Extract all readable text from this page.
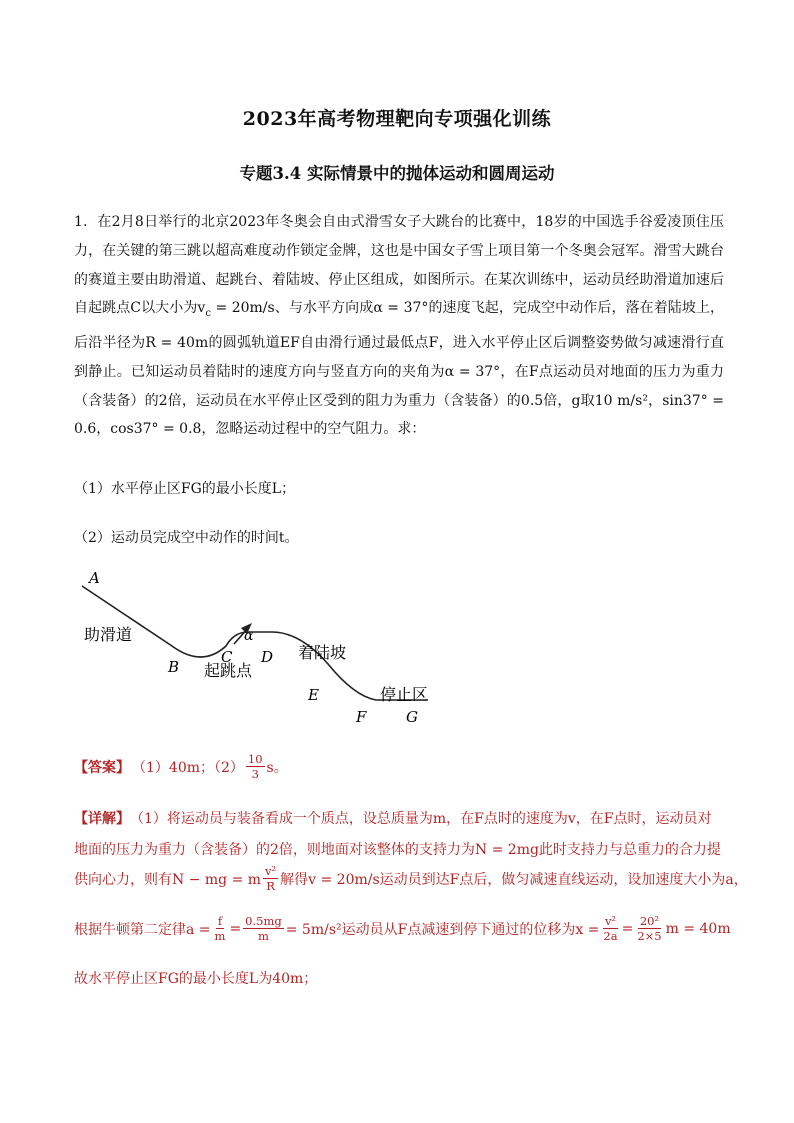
2023年高考物理靶向专项强化训练
专题3.4 实际情景中的抛体运动和圆周运动
1．在2月8日举行的北京2023年冬奥会自由式滑雪女子大跳台的比赛中，18岁的中国选手谷爱凌顶住压力，在关键的第三跳以超高难度动作锁定金牌，这也是中国女子雪上项目第一个冬奥会冠军。滑雪大跳台的赛道主要由助滑道、起跳台、着陆坡、停止区组成，如图所示。在某次训练中，运动员经助滑道加速后自起跳点C以大小为$v_c = 20m/s$、与水平方向成α = 37°的速度飞起，完成空中动作后，落在着陆坡上，后沿半径为R = 40m的圆弧轨道EF自由滑行通过最低点F，进入水平停止区后调整姿势做匀减速滑行直到静止。已知运动员着陆时的速度方向与竖直方向的夹角为α = 37°，在F点运动员对地面的压力为重力（含装备）的2倍，运动员在水平停止区受到的阻力为重力（含装备）的0.5倍，g取10 m/s²，sin37° = 0.6，cos37° = 0.8，忽略运动过程中的空气阻力。求：
（1）水平停止区FG的最小长度L；
（2）运动员完成空中动作的时间t。
A
助滑道
B
α
C D
起跳点
着陆坡
E	停止区
F	G
【答案】 （1）40m；$(2) \frac{10}{3}$ s。
【详解】 （1）将运动员与装备看成一个质点，设总质量为m，在F点时的速度为v，在F点时，运动员对
地面的压力为重力（含装备）的2倍，则地面对该整体的支持力为N = 2mg此时支持力与总重力的合力提
供向心力，则有N − mg = m $\frac{\text{v²}}{R}$ 解得v = 20m/s运动员到达F点后，做匀减速直线运动，设加速度大小为a，
根据牛顿第二定律$a = \frac{f}{m} = \frac{0.5mg}{m} = 5m/s^2$运动员从F点减速到停下通过的位移为$x = \frac{\text{v²}}{2a} = \frac{\text{20²}}{2\times 5}$ m = 40m
故水平停止区FG的最小长度L为40m；
